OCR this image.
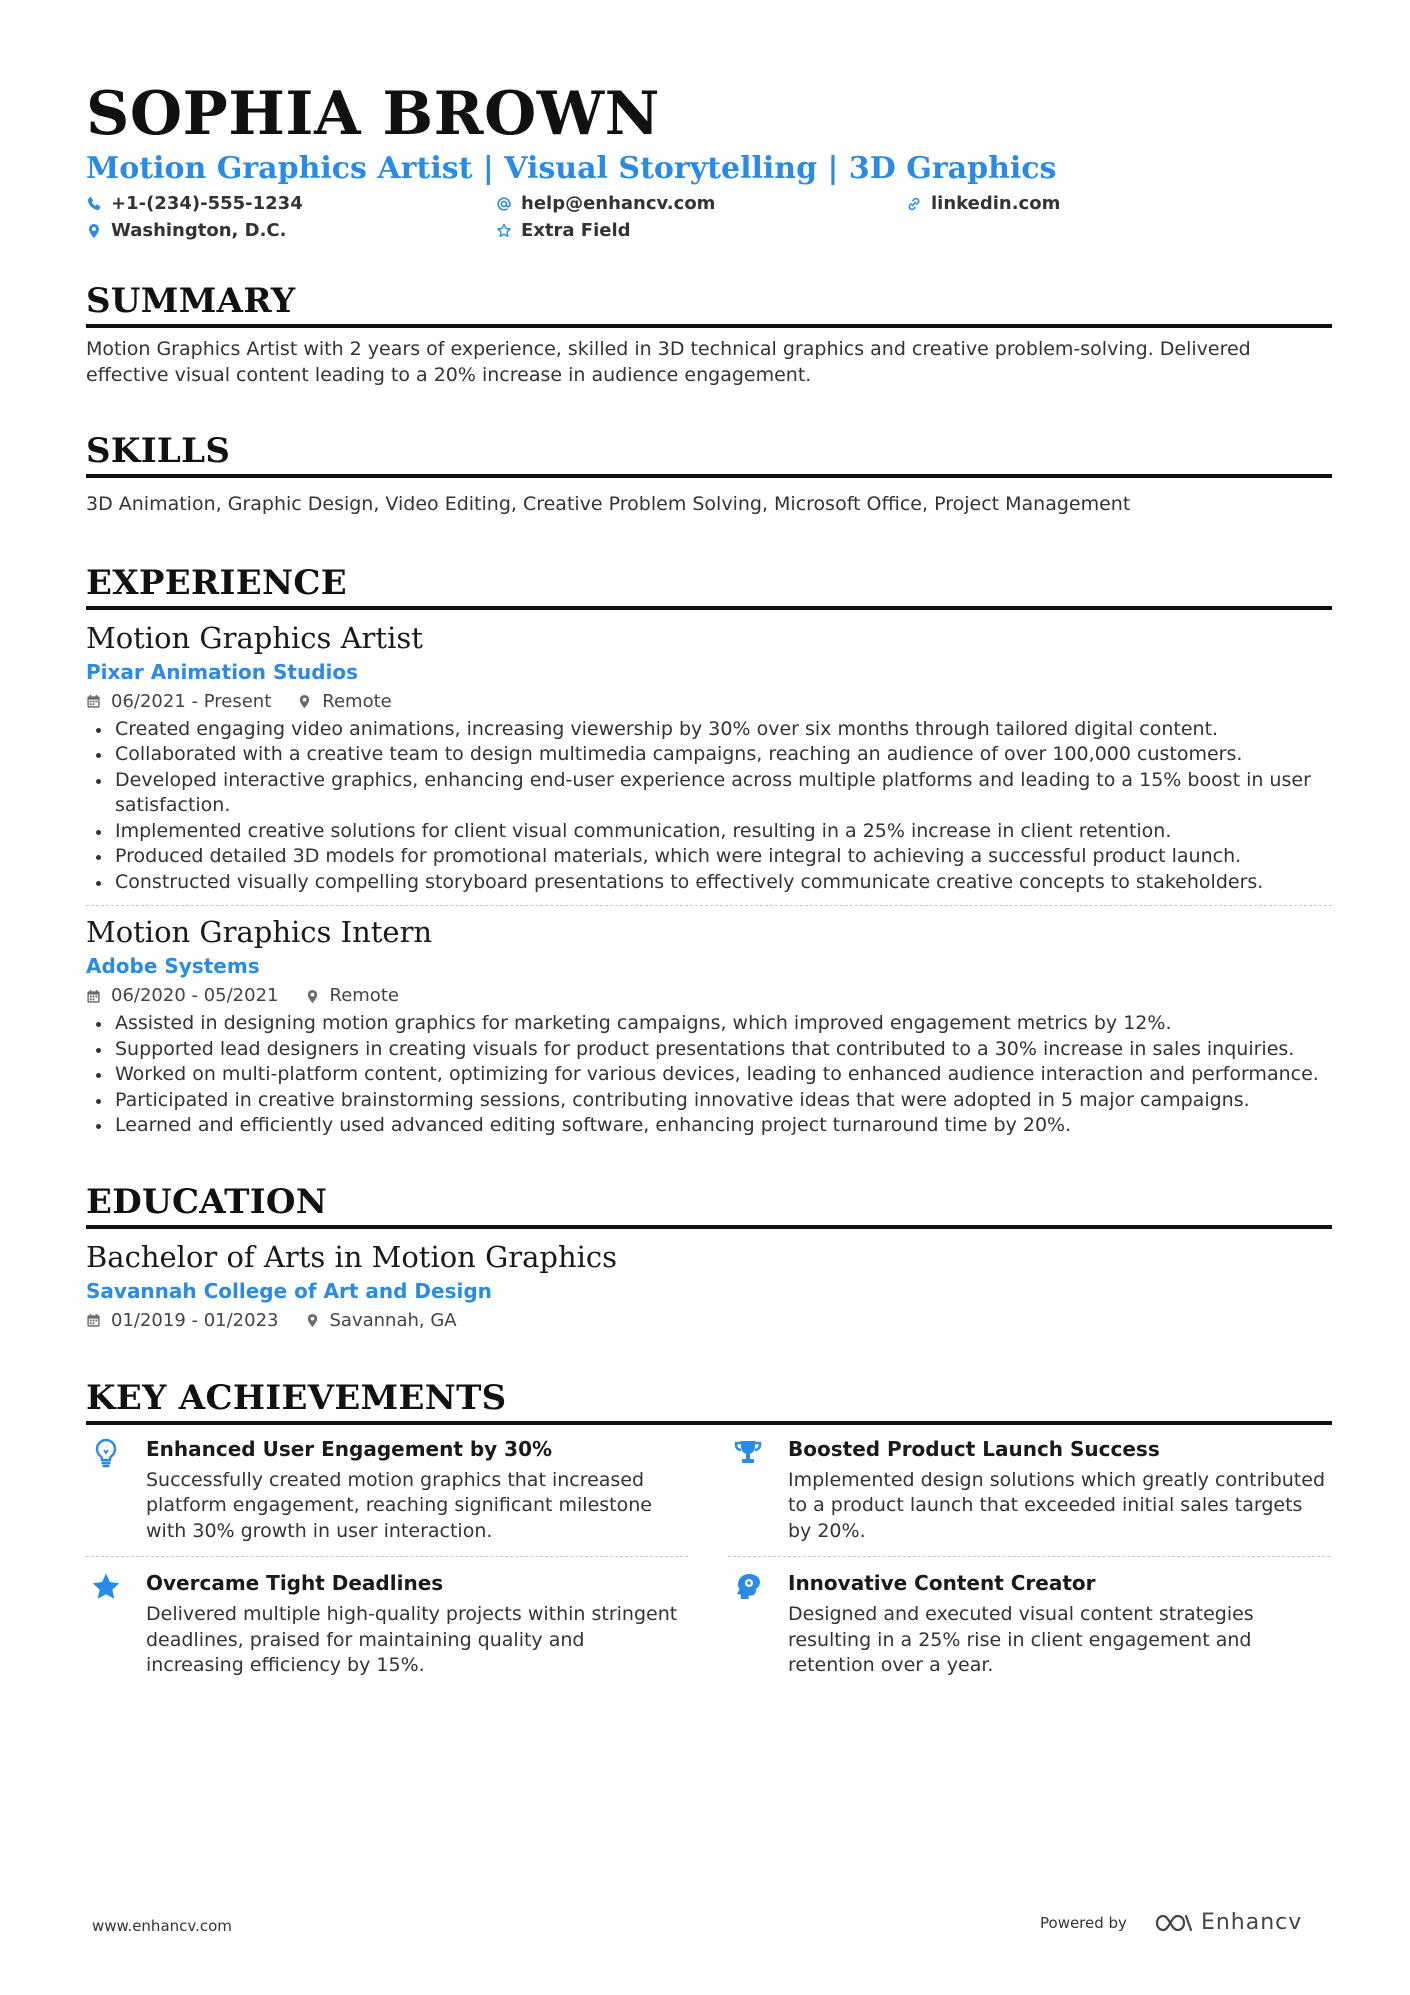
SOPHIA BROWN
Motion Graphics Artist | Visual Storytelling | 3D Graphics
+1-(234)-555-1234	help@enhancv.com	linkedin.com
Washington, D.C.	Extra Field
SUMMARY
Motion Graphics Artist with 2 years of experience, skilled in 3D technical graphics and creative problem-solving. Delivered effective visual content leading to a 20% increase in audience engagement.
SKILLS
3D Animation, Graphic Design, Video Editing, Creative Problem Solving, Microsoft Office, Project Management
EXPERIENCE
Motion Graphics Artist
Pixar Animation Studios
06/2021 - Present	Remote
Created engaging video animations, increasing viewership by 30% over six months through tailored digital content.
Collaborated with a creative team to design multimedia campaigns, reaching an audience of over 100,000 customers.
Developed interactive graphics, enhancing end-user experience across multiple platforms and leading to a 15% boost in user satisfaction.
Implemented creative solutions for client visual communication, resulting in a 25% increase in client retention.
Produced detailed 3D models for promotional materials, which were integral to achieving a successful product launch.
Constructed visually compelling storyboard presentations to effectively communicate creative concepts to stakeholders.
Motion Graphics Intern
Adobe Systems
06/2020 - 05/2021	Remote
Assisted in designing motion graphics for marketing campaigns, which improved engagement metrics by 12%.
Supported lead designers in creating visuals for product presentations that contributed to a 30% increase in sales inquiries.
Worked on multi-platform content, optimizing for various devices, leading to enhanced audience interaction and performance.
Participated in creative brainstorming sessions, contributing innovative ideas that were adopted in 5 major campaigns.
Learned and efficiently used advanced editing software, enhancing project turnaround time by 20%.
EDUCATION
Bachelor of Arts in Motion Graphics
Savannah College of Art and Design
01/2019 - 01/2023	Savannah, GA
KEY ACHIEVEMENTS
Enhanced User Engagement by 30%
Successfully created motion graphics that increased platform engagement, reaching significant milestone with 30% growth in user interaction.
Boosted Product Launch Success
Implemented design solutions which greatly contributed to a product launch that exceeded initial sales targets by 20%.
Overcame Tight Deadlines
Delivered multiple high-quality projects within stringent deadlines, praised for maintaining quality and increasing efficiency by 15%.
Innovative Content Creator
Designed and executed visual content strategies resulting in a 25% rise in client engagement and retention over a year.
www.enhancv.com	Powered by	Enhancv
